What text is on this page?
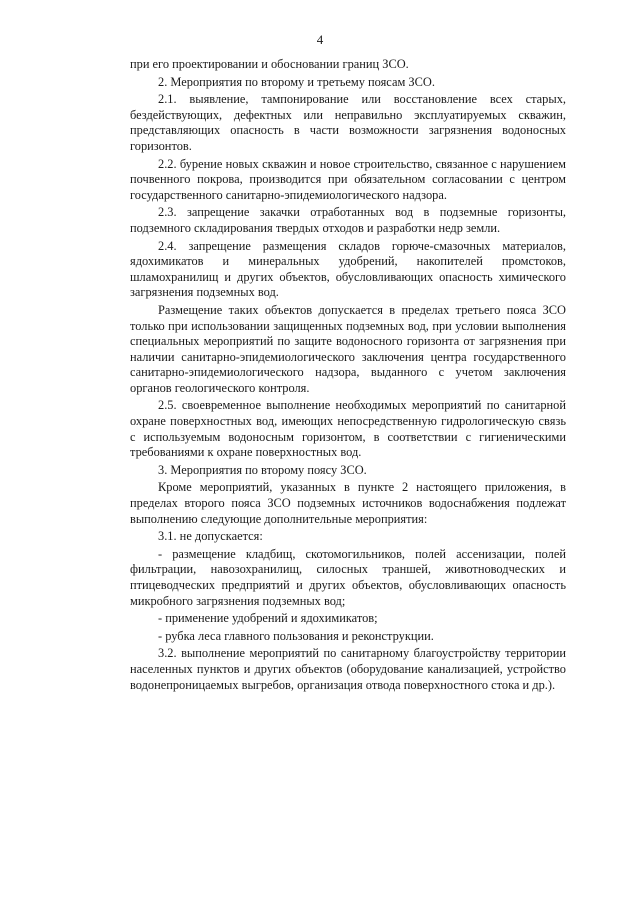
4

при его проектировании и обосновании границ ЗСО.

2. Мероприятия по второму и третьему поясам ЗСО.

2.1. выявление, тампонирование или восстановление всех старых, бездействующих, дефектных или неправильно эксплуатируемых скважин, представляющих опасность в части возможности загрязнения водоносных горизонтов.

2.2. бурение новых скважин и новое строительство, связанное с нарушением почвенного покрова, производится при обязательном согласовании с центром государственного санитарно-эпидемиологического надзора.

2.3. запрещение закачки отработанных вод в подземные горизонты, подземного складирования твердых отходов и разработки недр земли.

2.4. запрещение размещения складов горюче-смазочных материалов, ядохимикатов и минеральных удобрений, накопителей промстоков, шламохранилищ и других объектов, обусловливающих опасность химического загрязнения подземных вод.

Размещение таких объектов допускается в пределах третьего пояса ЗСО только при использовании защищенных подземных вод, при условии выполнения специальных мероприятий по защите водоносного горизонта от загрязнения при наличии санитарно-эпидемиологического заключения центра государственного санитарно-эпидемиологического надзора, выданного с учетом заключения органов геологического контроля.

2.5. своевременное выполнение необходимых мероприятий по санитарной охране поверхностных вод, имеющих непосредственную гидрологическую связь с используемым водоносным горизонтом, в соответствии с гигиеническими требованиями к охране поверхностных вод.

3. Мероприятия по второму поясу ЗСО.

Кроме мероприятий, указанных в пункте 2 настоящего приложения, в пределах второго пояса ЗСО подземных источников водоснабжения подлежат выполнению следующие дополнительные мероприятия:

3.1. не допускается:

- размещение кладбищ, скотомогильников, полей ассенизации, полей фильтрации, навозохранилищ, силосных траншей, животноводческих и птицеводческих предприятий и других объектов, обусловливающих опасность микробного загрязнения подземных вод;

- применение удобрений и ядохимикатов;

- рубка леса главного пользования и реконструкции.

3.2. выполнение мероприятий по санитарному благоустройству территории населенных пунктов и других объектов (оборудование канализацией, устройство водонепроницаемых выгребов, организация отвода поверхностного стока и др.).
